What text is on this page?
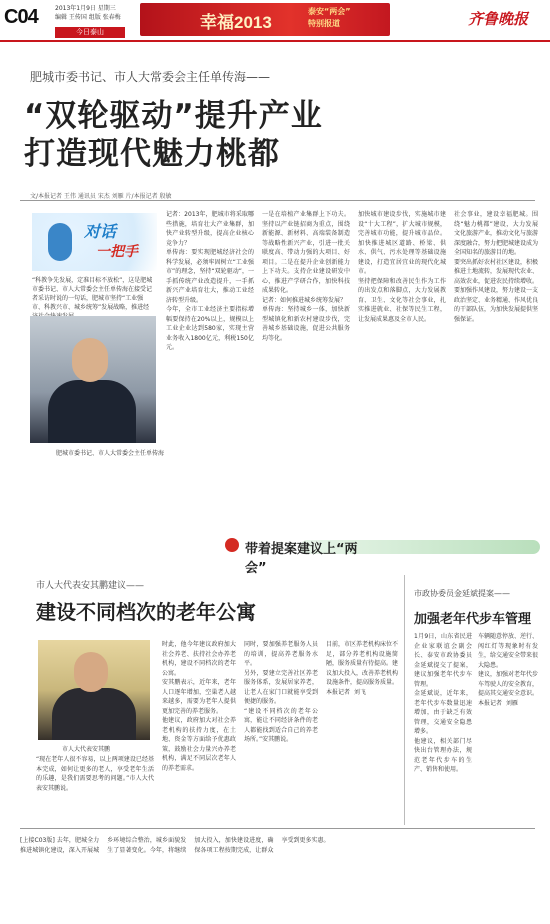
C04	2013年1月9日 星期三
编辑 王传国 组版 张春梅
今日泰山	幸福2013
泰安“两会”
特别报道	齐鲁晚报
肥城市委书记、市人大常委会主任单传海——
“双轮驱动”提升产业
打造现代魅力桃都
文/本报记者 王伟 通讯员 宋杰 刘雁 片/本报记者 殷敏
对话
一把手
“科教争先发展，定准目标不放松”，这是肥城市委书记、市人大常委会主任单传海在接受记者采访时说的一句话，肥城市坚持“工业强市、科教兴市、城乡统筹”发展战略，推进经
肥城市委书记、市人大常委会主任单传海
记者：2013年，肥城市将采取哪些措施，培育壮大产业集群，加快产业转型升级，提高企业核心竞争力？
单传海：要实现肥城经济社会的科学发展，必须牢固树立“工业强市”的理念，坚持“双轮驱动”，一手抓传统产业改造提升，一手抓新兴产业培育壮大，推动工业经济转型升级。
今年，全市工业经济主要指标增幅要保持在20%以上，规模以上工业企业达到580家，实现主营业务收入1800亿元，利税150亿元。
一是在培植产业集群上下功夫。坚持以产业链招商为重点，围绕新能源、新材料、高端装备制造等战略性新兴产业，引进一批关联度高、带动力强的大项目、好项目。二是在提升企业创新能力上下功夫。支持企业建设研发中心，推进产学研合作，加快科技成果转化。
记者：如何推进城乡统筹发展？
单传海：坚持城乡一体，加快新型城镇化和新农村建设步伐，完善城乡基础设施，促进公共服务均等化。
加快城市建设步伐，实施城市建设“十大工程”，扩大城市规模，完善城市功能，提升城市品位。加快推进城区道路、桥梁、供水、供气、污水处理等基础设施建设，打造宜居宜业的现代化城市。
坚持把保障和改善民生作为工作的出发点和落脚点，大力发展教育、卫生、文化等社会事业，扎实推进就业、社保等民生工程，让发展成果惠及全市人民。
社会事业，建设幸福肥城。围绕“魅力桃都”建设，大力发展文化旅游产业，推动文化与旅游深度融合，努力把肥城建设成为全国知名的旅游目的地。
要突出抓好农村社区建设，积极推进土地流转，发展现代农业、高效农业，促进农民持续增收。
要加强作风建设，努力建设一支政治坚定、业务精通、作风优良的干部队伍，为加快发展提供坚强保证。
带着提案建议上“两会”
市人大代表安其鹏建议——
建设不同档次的老年公寓
市人大代表安其鹏
“现在老年人很不容易，以上两项建设已经基本完成，如何让更多的老人，享受老年生活的乐趣，是我们需要思考的问题。”市人大代表安其鹏说。
时此，他今年建议政府加大社会养老、扶持社会办养老机构，建设不同档次的老年公寓。
安其鹏表示，近年来，老年人口逐年增加，空巢老人越来越多，需要为老年人提供更加完善的养老服务。
他建议，政府加大对社会养老机构的扶持力度，在土地、资金等方面给予优惠政策，鼓励社会力量兴办养老机构，满足不同层次老年人的养老需求。
同时，要加强养老服务人员的培训，提高养老服务水平。
另外，要建立完善社区养老服务体系，发展居家养老，让老人在家门口就能享受到便捷的服务。
“建设不同档次的老年公寓，能让不同经济条件的老人都能找到适合自己的养老场所。”安其鹏说。
目前，市区养老机构床位不足，部分养老机构设施简陋，服务质量有待提高。建议加大投入，改善养老机构设施条件，提高服务质量。
本报记者  刘飞
市政协委员金延斌提案——
加强老年代步车管理
1月9日，山东省民进企业家联谊会副会长、泰安市政协委员金延斌提交了提案，建议加强老年代步车管理。
金延斌说，近年来，老年代步车数量迅速增加，由于缺乏有效管理，交通安全隐患增多。
他建议，相关部门尽快出台管理办法，规范老年代步车的生产、销售和使用。
车辆随意停放、逆行、闯红灯等现象时有发生，给交通安全带来很大隐患。
建议，加强对老年代步车驾驶人的安全教育，提高其交通安全意识。
本报记者  刘雁
[上接C03版] 去年，肥城全力推进城镇化建设，深入开展城乡环境综合整治，城乡面貌发生了显著变化。今年，将继续加大投入，加快建设进度，确保各项工程按期完成，让群众享受到更多实惠。
